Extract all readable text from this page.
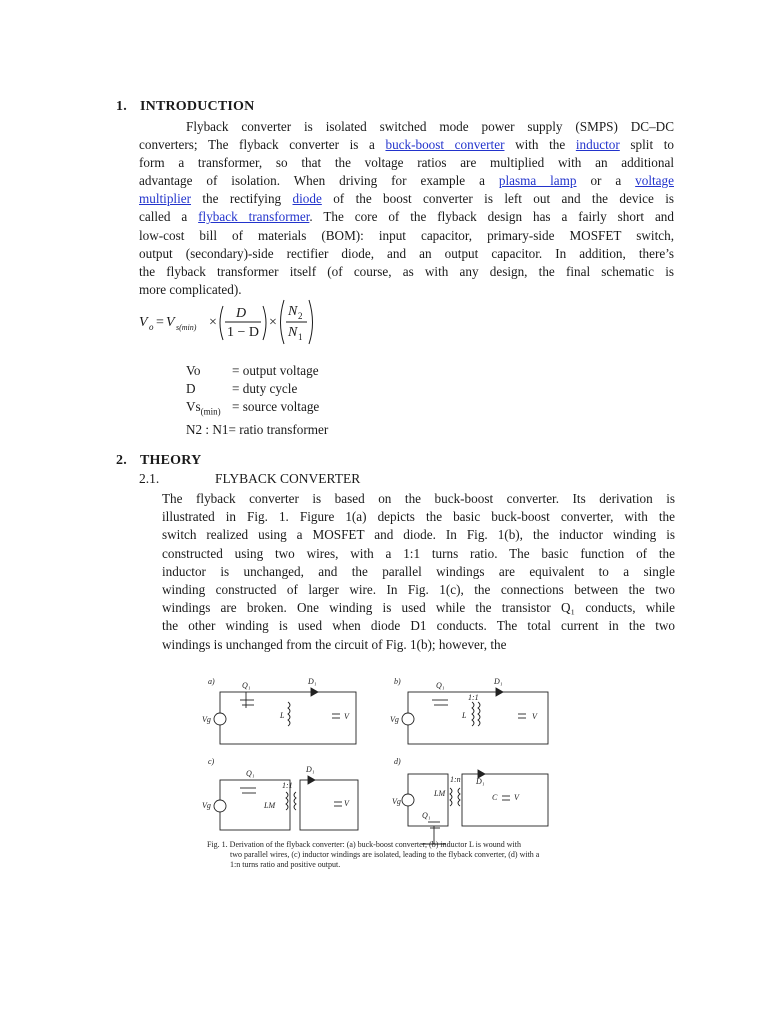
1. INTRODUCTION
Flyback converter is isolated switched mode power supply (SMPS) DC–DC
converters; The flyback converter is a buck-boost converter with the inductor split to
form a transformer, so that the voltage ratios are multiplied with an additional
advantage of isolation. When driving for example a plasma lamp or a voltage
multiplier the rectifying diode of the boost converter is left out and the device is
called a flyback transformer. The core of the flyback design has a fairly short and
low-cost bill of materials (BOM): input capacitor, primary-side MOSFET switch,
output (secondary)-side rectifier diode, and an output capacitor. In addition, there’s
the flyback transformer itself (of course, as with any design, the final schematic is
more complicated).
V o = V s(min) ×
D
1 − D
×
N 2
N 1
Vo = output voltage
D	= duty cycle
$Vs_{(min)}$ = source voltage
N2 : N1= ratio transformer
2. THEORY
2.1.	FLYBACK CONVERTER
The flyback converter is based on the buck-boost converter. Its derivation is
illustrated in Fig. 1. Figure 1(a) depicts the basic buck-boost converter, with the
switch realized using a MOSFET and diode. In Fig. 1(b), the inductor winding is
constructed using two wires, with a 1:1 turns ratio. The basic function of the
inductor is unchanged, and the parallel windings are equivalent to a single
winding constructed of larger wire. In Fig. 1(c), the connections between the two
windings are broken. One winding is used while the transistor Q₁ conducts, while
the other winding is used when diode D1 conducts. The total current in the two
windings is unchanged from the circuit of Fig. 1(b); however, the
a)	b)
c)	d)
Q₁	D₁
L	V
Vg
Q₁	D₁
L
1:1
V
Vg
Q₁	D₁
LM
1:1
V
Vg
D₁
LM
1:n
C V
Vg
Q₁
Fig. 1. Derivation of the flyback converter: (a) buck-boost converter, (b) inductor L is wound with
two parallel wires, (c) inductor windings are isolated, leading to the flyback converter, (d) with a
1:n turns ratio and positive output.
